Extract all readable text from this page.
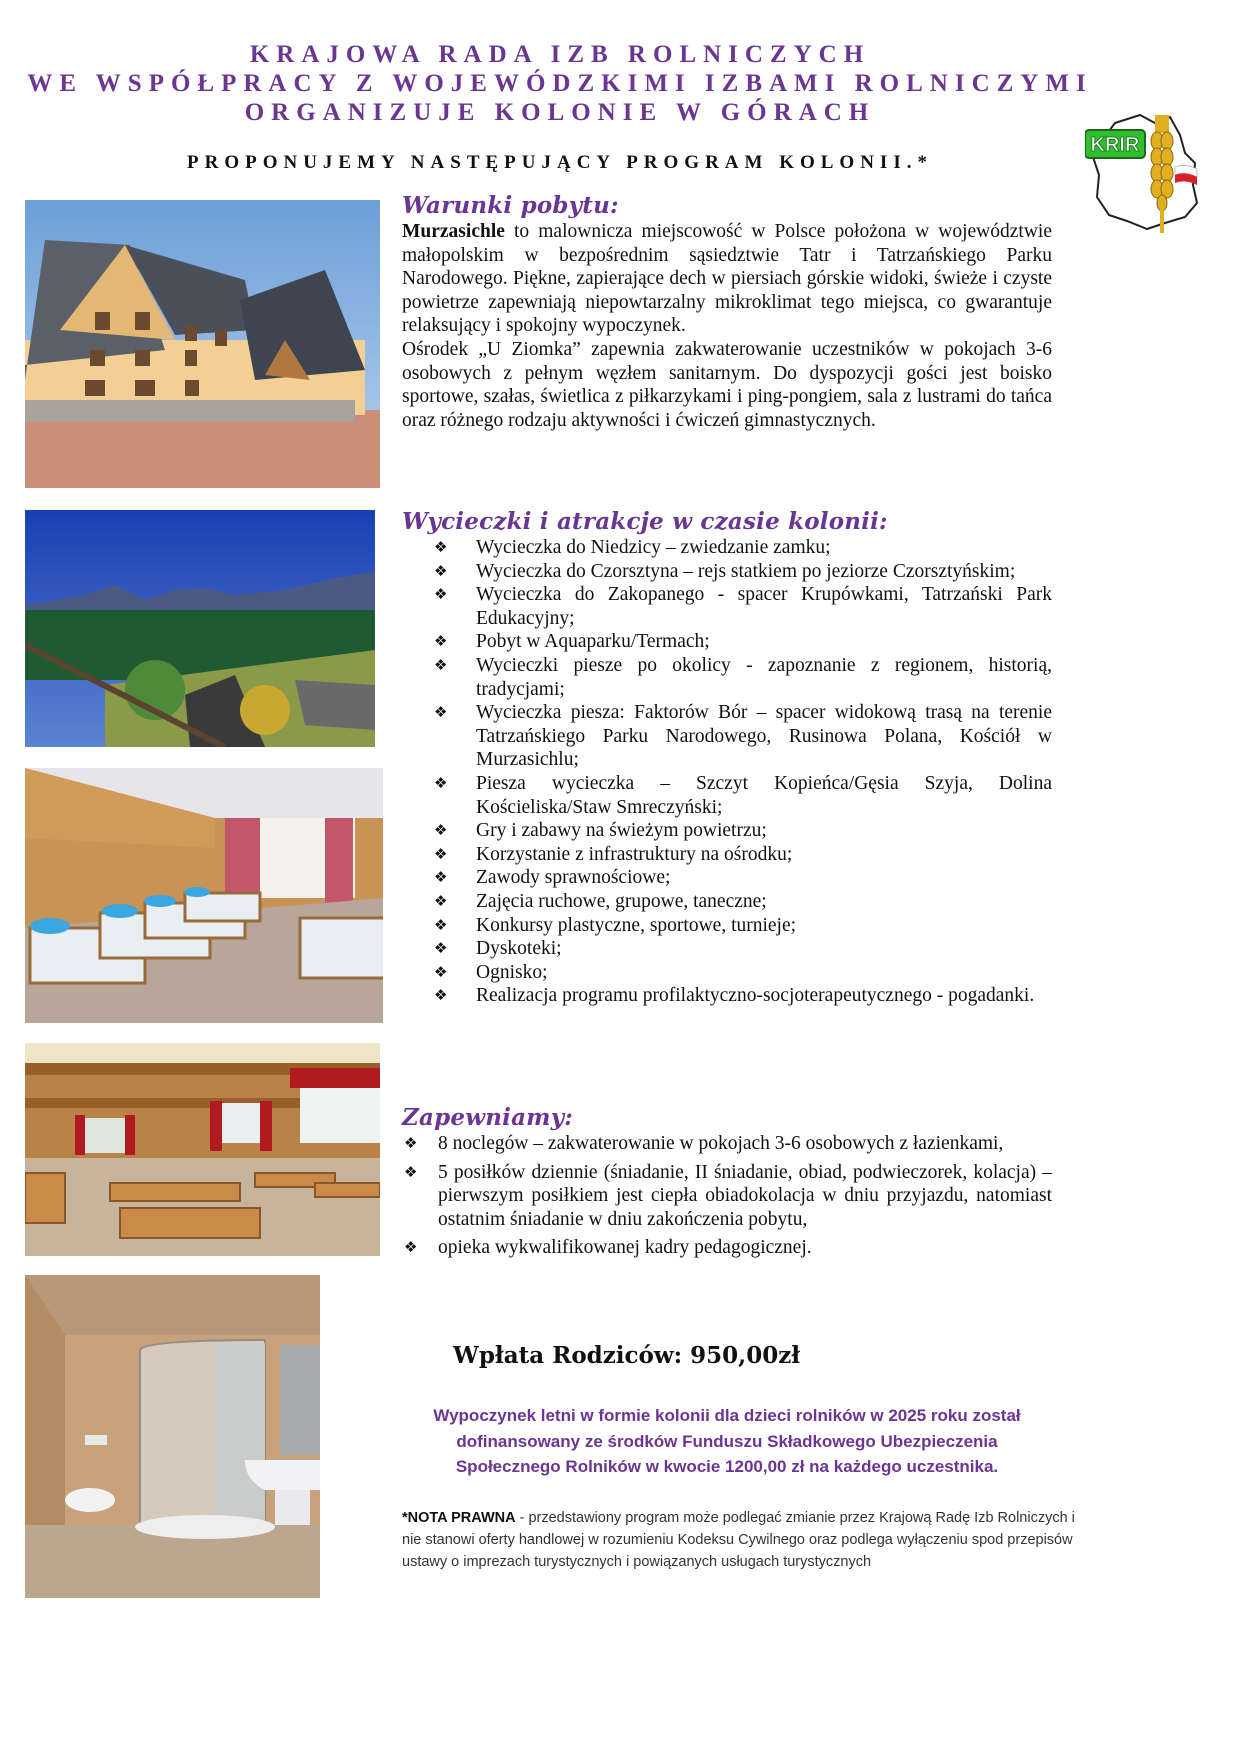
KRAJOWA RADA IZB ROLNICZYCH
WE WSPÓŁPRACY Z WOJEWÓDZKIMI IZBAMI ROLNICZYMI
ORGANIZUJE KOLONIE W GÓRACH
PROPONUJEMY NASTĘPUJĄCY PROGRAM KOLONII.*
KRIR
Warunki pobytu:

Murzasichle to malownicza miejscowość w Polsce położona w województwie małopolskim w bezpośrednim sąsiedztwie Tatr i Tatrzańskiego Parku Narodowego. Piękne, zapierające dech w piersiach górskie widoki, świeże i czyste powietrze zapewniają niepowtarzalny mikroklimat tego miejsca, co gwarantuje relaksujący i spokojny wypoczynek.

Ośrodek „U Ziomka” zapewnia zakwaterowanie uczestników w pokojach 3-6 osobowych z pełnym węzłem sanitarnym. Do dyspozycji gości jest boisko sportowe, szałas, świetlica z piłkarzykami i ping-pongiem, sala z lustrami do tańca oraz różnego rodzaju aktywności i ćwiczeń gimnastycznych.

Wycieczki i atrakcje w czasie kolonii:
❖ Wycieczka do Niedzicy – zwiedzanie zamku;
❖ Wycieczka do Czorsztyna – rejs statkiem po jeziorze Czorsztyńskim;
❖ Wycieczka do Zakopanego - spacer Krupówkami, Tatrzański Park Edukacyjny;
❖ Pobyt w Aquaparku/Termach;
❖ Wycieczki piesze po okolicy - zapoznanie z regionem, historią, tradycjami;
❖ Wycieczka piesza: Faktorów Bór – spacer widokową trasą na terenie Tatrzańskiego Parku Narodowego, Rusinowa Polana, Kościół w Murzasichlu;
❖ Piesza wycieczka – Szczyt Kopieńca/Gęsia Szyja, Dolina Kościeliska/Staw Smreczyński;
❖ Gry i zabawy na świeżym powietrzu;
❖ Korzystanie z infrastruktury na ośrodku;
❖ Zawody sprawnościowe;
❖ Zajęcia ruchowe, grupowe, taneczne;
❖ Konkursy plastyczne, sportowe, turnieje;
❖ Dyskoteki;
❖ Ognisko;
❖ Realizacja programu profilaktyczno-socjoterapeutycznego - pogadanki.
Zapewniamy:
❖ 8 noclegów – zakwaterowanie w pokojach 3-6 osobowych z łazienkami,
❖ 5 posiłków dziennie (śniadanie, II śniadanie, obiad, podwieczorek, kolacja) – pierwszym posiłkiem jest ciepła obiadokolacja w dniu przyjazdu, natomiast ostatnim śniadanie w dniu zakończenia pobytu,
❖ opieka wykwalifikowanej kadry pedagogicznej.
Wpłata Rodziców: 950,00zł
Wypoczynek letni w formie kolonii dla dzieci rolników w 2025 roku został dofinansowany ze środków Funduszu Składkowego Ubezpieczenia Społecznego Rolników w kwocie 1200,00 zł na każdego uczestnika.
*NOTA PRAWNA - przedstawiony program może podlegać zmianie przez Krajową Radę Izb Rolniczych i nie stanowi oferty handlowej w rozumieniu Kodeksu Cywilnego oraz podlega wyłączeniu spod przepisów ustawy o imprezach turystycznych i powiązanych usługach turystycznych
